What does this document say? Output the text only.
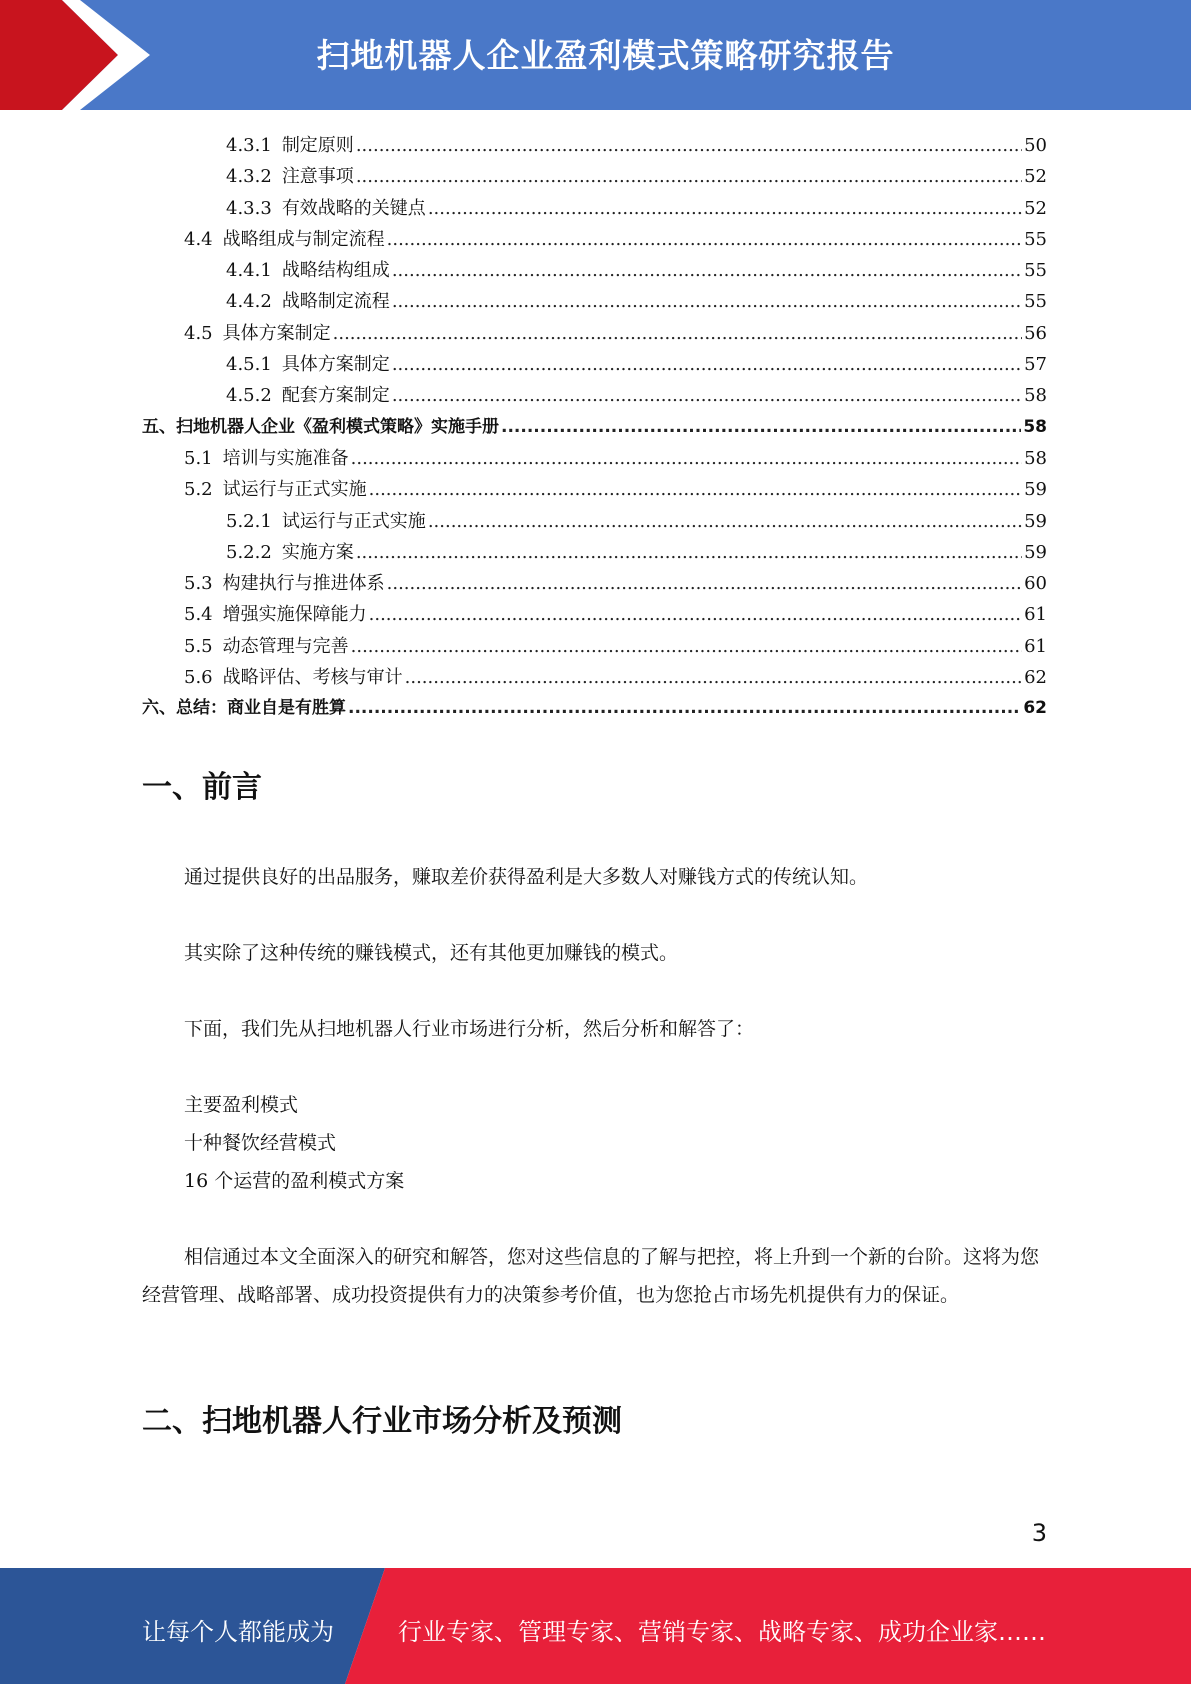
扫地机器人企业盈利模式策略研究报告
4.3.1 制定原则 .....	50
4.3.2 注意事项 .....	52
4.3.3 有效战略的关键点 .....	52
4.4 战略组成与制定流程 .....	55
4.4.1 战略结构组成 .....	55
4.4.2 战略制定流程 .....	55
4.5 具体方案制定 .....	56
4.5.1 具体方案制定 .....	57
4.5.2 配套方案制定 .....	58
五、扫地机器人企业《盈利模式策略》实施手册 .....	58
5.1 培训与实施准备 .....	58
5.2 试运行与正式实施 .....	59
5.2.1 试运行与正式实施 .....	59
5.2.2 实施方案 .....	59
5.3 构建执行与推进体系 .....	60
5.4 增强实施保障能力 .....	61
5.5 动态管理与完善 .....	61
5.6 战略评估、考核与审计 .....	62
六、总结：商业自是有胜算 .....	62
一、前言

通过提供良好的出品服务，赚取差价获得盈利是大多数人对赚钱方式的传统认知。

其实除了这种传统的赚钱模式，还有其他更加赚钱的模式。

下面，我们先从扫地机器人行业市场进行分析，然后分析和解答了：

主要盈利模式
十种餐饮经营模式
16 个运营的盈利模式方案

相信通过本文全面深入的研究和解答，您对这些信息的了解与把控，将上升到一个新的台阶。这将为您经营管理、战略部署、成功投资提供有力的决策参考价值，也为您抢占市场先机提供有力的保证。

二、扫地机器人行业市场分析及预测
3
让每个人都能成为	行业专家、管理专家、营销专家、战略专家、成功企业家……
